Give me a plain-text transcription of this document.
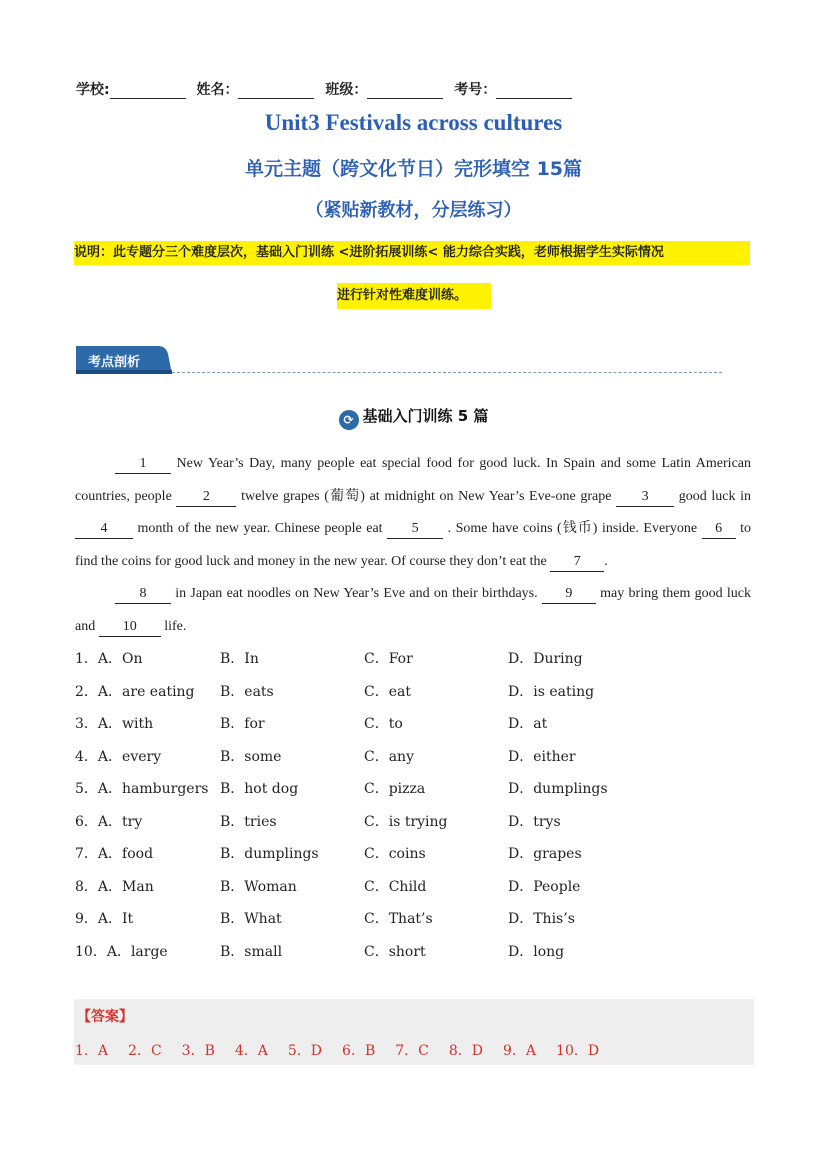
学校:	姓名：	班级：	考号：
Unit3 Festivals across cultures
单元主题（跨文化节日）完形填空 15篇
（紧贴新教材，分层练习）
说明：此专题分三个难度层次，基础入门训练 <进阶拓展训练< 能力综合实践，老师根据学生实际情况
进行针对性难度训练。
考点剖析
⟳ 基础入门训练 5 篇
1 New Year’s Day, many people eat special food for good luck. In Spain and some Latin American countries, people 2 twelve grapes (葡萄) at midnight on New Year’s Eve-one grape 3 good luck in 4 month of the new year. Chinese people eat 5 . Some have coins (钱币) inside. Everyone 6 to find the coins for good luck and money in the new year. Of course they don’t eat the 7 .
8 in Japan eat noodles on New Year’s Eve and on their birthdays. 9 may bring them good luck and 10 life.
1．A．On	B．In	C．For	D．During
2．A．are eating B．eats	C．eat	D．is eating
3．A．with	B．for	C．to	D．at
4．A．every	B．some	C．any	D．either
5．A．hamburgers B．hot dog	C．pizza	D．dumplings
6．A．try	B．tries	C．is trying	D．trys
7．A．food	B．dumplings	C．coins	D．grapes
8．A．Man	B．Woman	C．Child	D．People
9．A．It	B．What	C．That’s	D．This’s
10．A．large	B．small	C．short	D．long
【答案】
1．A 2．C 3．B 4．A 5．D 6．B 7．C 8．D 9．A 10．D
